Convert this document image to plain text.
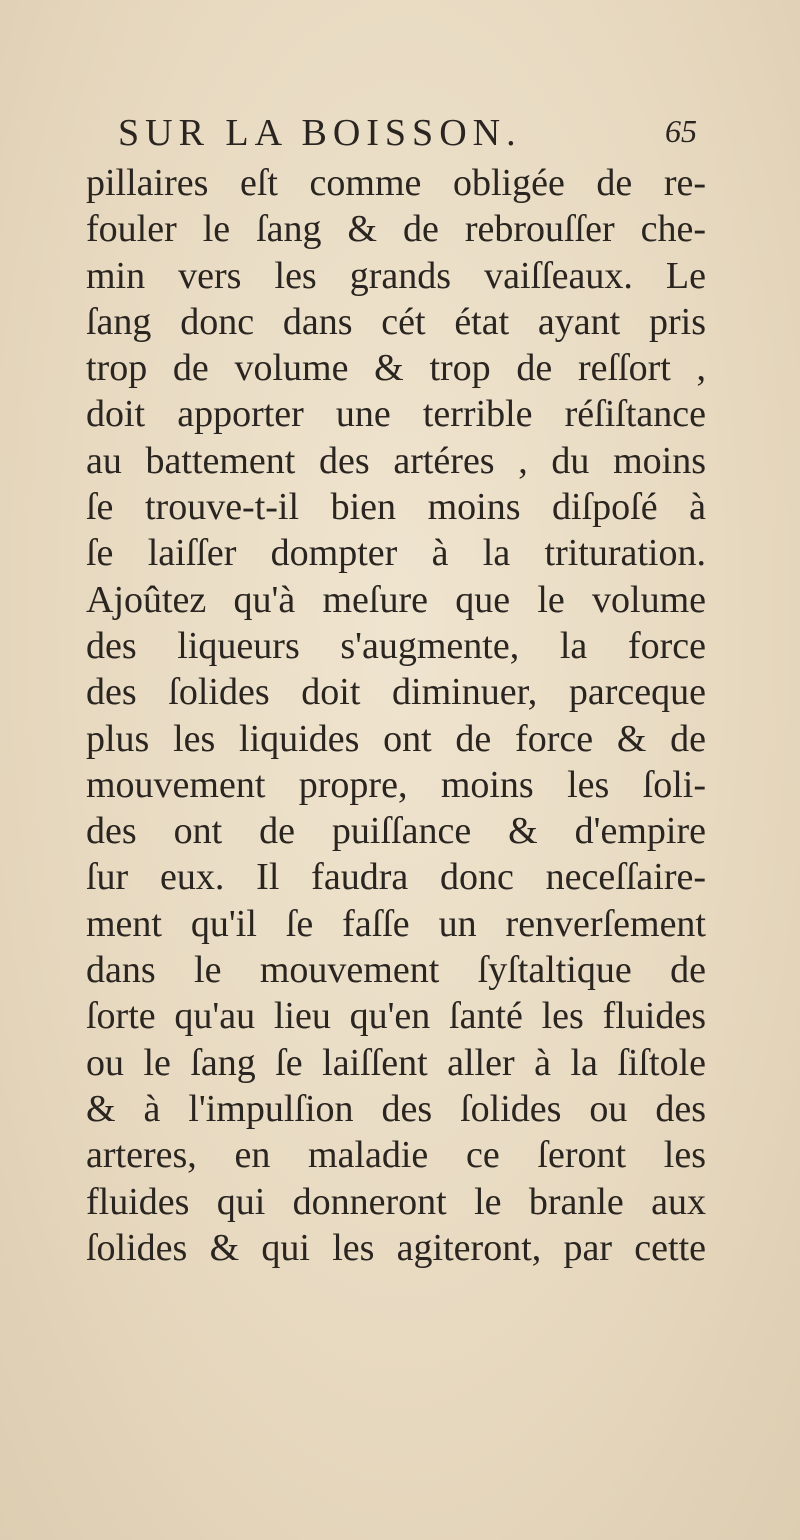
SUR LA BOISSON.	65
pillaires eſt comme obligée de re-
fouler le ſang & de rebrouſſer che-
min vers les grands vaiſſeaux. Le
ſang donc dans cét état ayant pris
trop de volume & trop de reſſort ,
doit apporter une terrible réſiſtance
au battement des artéres , du moins
ſe trouve-t-il bien moins diſpoſé à
ſe laiſſer dompter à la trituration.
Ajoûtez qu'à meſure que le volume
des liqueurs s'augmente, la force
des ſolides doit diminuer, parceque
plus les liquides ont de force & de
mouvement propre, moins les ſoli-
des ont de puiſſance & d'empire
ſur eux. Il faudra donc neceſſaire-
ment qu'il ſe faſſe un renverſement
dans le mouvement ſyſtaltique de
ſorte qu'au lieu qu'en ſanté les fluides
ou le ſang ſe laiſſent aller à la ſiſtole
& à l'impulſion des ſolides ou des
arteres, en maladie ce ſeront les
fluides qui donneront le branle aux
ſolides & qui les agiteront, par cette
